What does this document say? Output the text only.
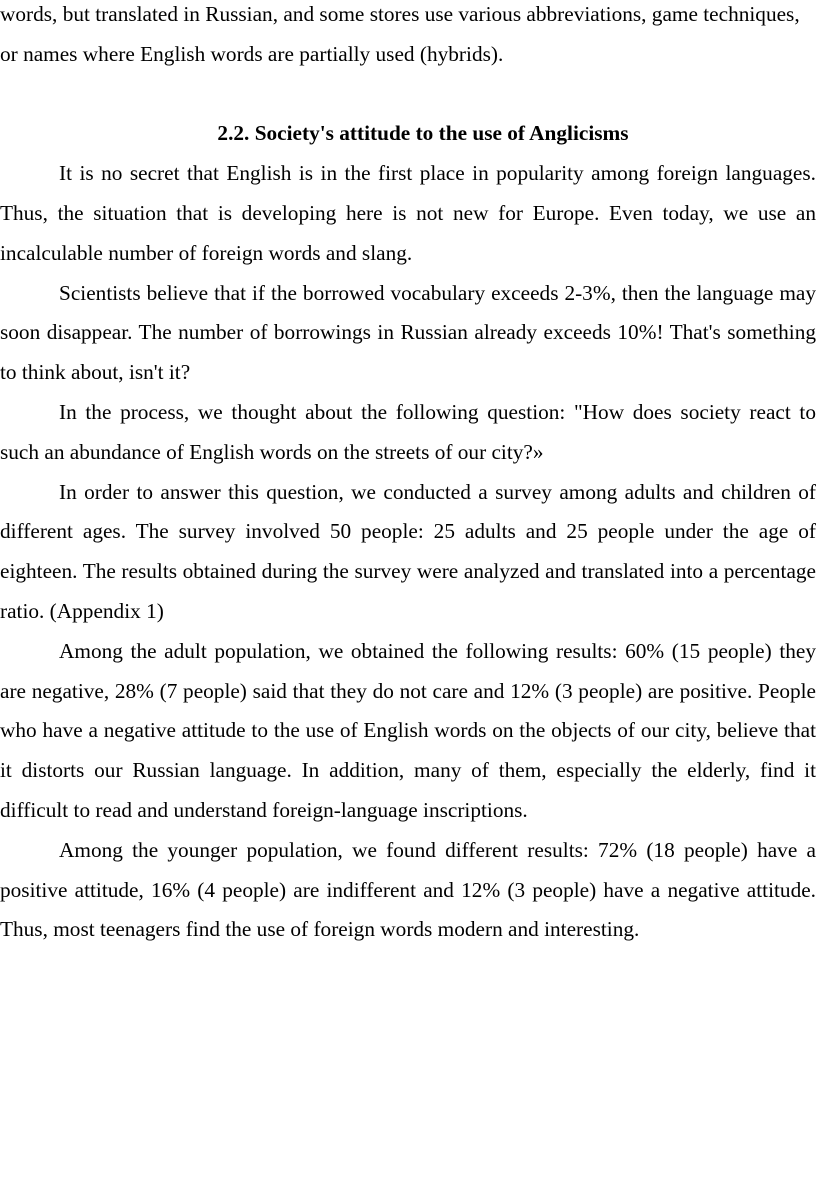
words, but translated in Russian, and some stores use various abbreviations, game techniques, or names where English words are partially used (hybrids).

2.2. Society's attitude to the use of Anglicisms

It is no secret that English is in the first place in popularity among foreign languages. Thus, the situation that is developing here is not new for Europe. Even today, we use an incalculable number of foreign words and slang.

Scientists believe that if the borrowed vocabulary exceeds 2-3%, then the language may soon disappear. The number of borrowings in Russian already exceeds 10%! That's something to think about, isn't it?

In the process, we thought about the following question: "How does society react to such an abundance of English words on the streets of our city?»

In order to answer this question, we conducted a survey among adults and children of different ages. The survey involved 50 people: 25 adults and 25 people under the age of eighteen. The results obtained during the survey were analyzed and translated into a percentage ratio. (Appendix 1)

Among the adult population, we obtained the following results: 60% (15 people) they are negative, 28% (7 people) said that they do not care and 12% (3 people) are positive. People who have a negative attitude to the use of English words on the objects of our city, believe that it distorts our Russian language. In addition, many of them, especially the elderly, find it difficult to read and understand foreign-language inscriptions.

Among the younger population, we found different results: 72% (18 people) have a positive attitude, 16% (4 people) are indifferent and 12% (3 people) have a negative attitude. Thus, most teenagers find the use of foreign words modern and interesting.
